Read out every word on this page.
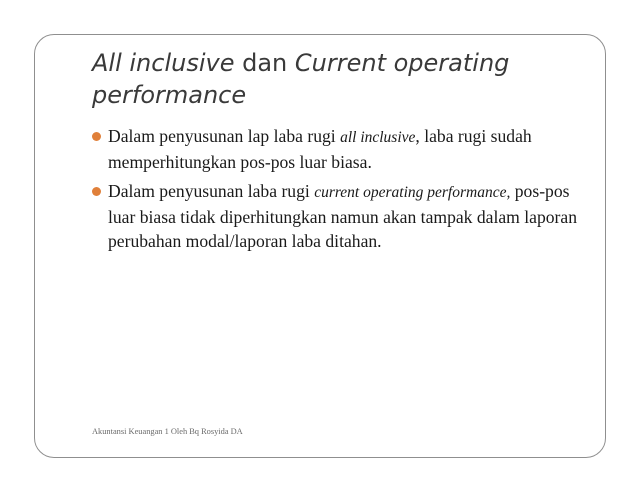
All inclusive dan Current operating performance
Dalam penyusunan lap laba rugi all inclusive, laba rugi sudah memperhitungkan pos-pos luar biasa.
Dalam penyusunan laba rugi current operating performance, pos-pos luar biasa tidak diperhitungkan namun akan tampak dalam laporan perubahan modal/laporan laba ditahan.
Akuntansi Keuangan 1 Oleh Bq Rosyida DA
